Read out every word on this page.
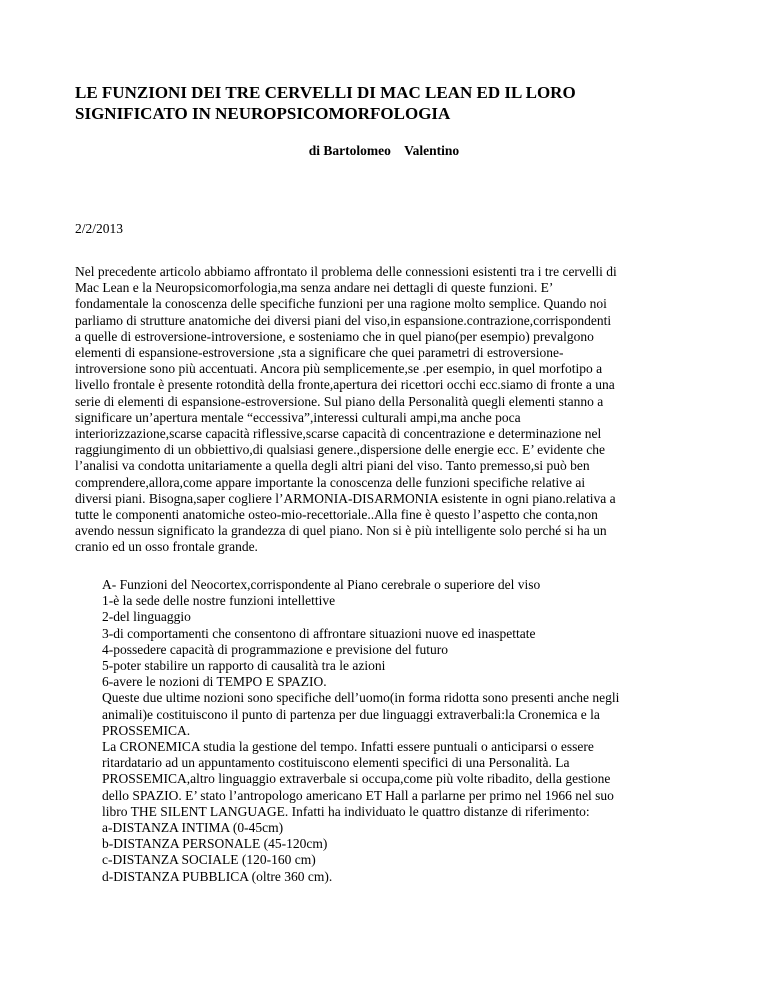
LE FUNZIONI DEI TRE CERVELLI DI MAC LEAN ED IL LORO
SIGNIFICATO IN NEUROPSICOMORFOLOGIA
di Bartolomeo    Valentino
2/2/2013

Nel precedente articolo abbiamo affrontato il problema delle connessioni esistenti tra i tre cervelli di
Mac Lean e la Neuropsicomorfologia,ma senza andare nei dettagli di queste funzioni. E’
fondamentale la conoscenza delle specifiche funzioni per una ragione molto semplice. Quando noi
parliamo di strutture anatomiche dei diversi piani del viso,in espansione.contrazione,corrispondenti
a quelle di estroversione-introversione, e sosteniamo che in quel piano(per esempio) prevalgono
elementi di espansione-estroversione ,sta a significare che quei parametri di estroversione-
introversione sono più accentuati. Ancora più semplicemente,se .per esempio, in quel morfotipo a
livello frontale è presente rotondità della fronte,apertura dei ricettori occhi ecc.siamo di fronte a una
serie di elementi di espansione-estroversione. Sul piano della Personalità quegli elementi stanno a
significare un’apertura mentale “eccessiva”,interessi culturali ampi,ma anche poca
interiorizzazione,scarse capacità riflessive,scarse capacità di concentrazione e determinazione nel
raggiungimento di un obbiettivo,di qualsiasi genere.,dispersione delle energie ecc. E’ evidente che
l’analisi va condotta unitariamente a quella degli altri piani del viso. Tanto premesso,si può ben
comprendere,allora,come appare importante la conoscenza delle funzioni specifiche relative ai
diversi piani. Bisogna,saper cogliere l’ARMONIA-DISARMONIA esistente in ogni piano.relativa a
tutte le componenti anatomiche osteo-mio-recettoriale..Alla fine è questo l’aspetto che conta,non
avendo nessun significato la grandezza di quel piano. Non si è più intelligente solo perché si ha un
cranio ed un osso frontale grande.

A- Funzioni del Neocortex,corrispondente al Piano cerebrale o superiore del viso
1-è la sede delle nostre funzioni intellettive
2-del linguaggio
3-di comportamenti che consentono di affrontare situazioni nuove ed inaspettate
4-possedere capacità di programmazione e previsione del futuro
5-poter stabilire un rapporto di causalità tra le azioni
6-avere le nozioni di TEMPO E SPAZIO.
Queste due ultime nozioni sono specifiche dell’uomo(in forma ridotta sono presenti anche negli
animali)e costituiscono il punto di partenza per due linguaggi extraverbali:la Cronemica e la
PROSSEMICA.
La CRONEMICA studia la gestione del tempo. Infatti essere puntuali o anticiparsi o essere
ritardatario ad un appuntamento costituiscono elementi specifici di una Personalità. La
PROSSEMICA,altro linguaggio extraverbale si occupa,come più volte ribadito, della gestione
dello SPAZIO. E’ stato l’antropologo americano ET Hall a parlarne per primo nel 1966 nel suo
libro THE SILENT LANGUAGE. Infatti ha individuato le quattro distanze di riferimento:
a-DISTANZA INTIMA (0-45cm)
b-DISTANZA PERSONALE (45-120cm)
c-DISTANZA SOCIALE (120-160 cm)
d-DISTANZA PUBBLICA (oltre 360 cm).
